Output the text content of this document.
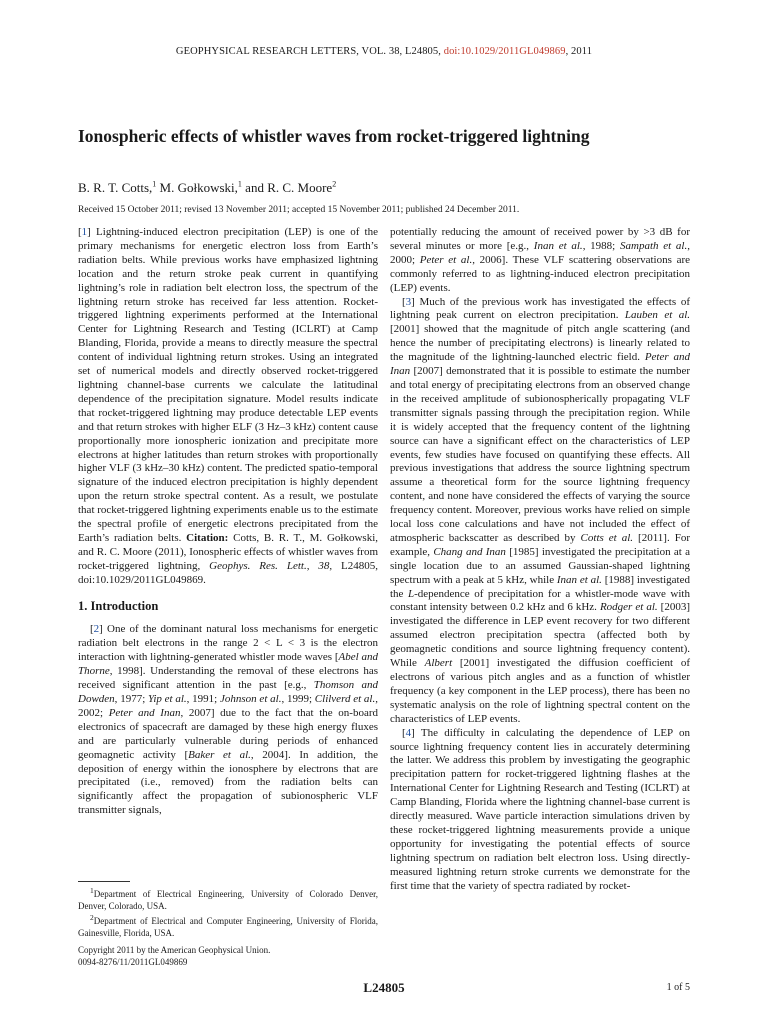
GEOPHYSICAL RESEARCH LETTERS, VOL. 38, L24805, doi:10.1029/2011GL049869, 2011
Ionospheric effects of whistler waves from rocket-triggered lightning
B. R. T. Cotts,$^1$ M. Gołkowski,$^1$ and R. C. Moore$^2$
Received 15 October 2011; revised 13 November 2011; accepted 15 November 2011; published 24 December 2011.

[1] Lightning-induced electron precipitation (LEP) is one of the primary mechanisms for energetic electron loss from Earth’s radiation belts. While previous works have emphasized lightning location and the return stroke peak current in quantifying lightning’s role in radiation belt electron loss, the spectrum of the lightning return stroke has received far less attention. Rocket-triggered lightning experiments performed at the International Center for Lightning Research and Testing (ICLRT) at Camp Blanding, Florida, provide a means to directly measure the spectral content of individual lightning return strokes. Using an integrated set of numerical models and directly observed rocket-triggered lightning channel-base currents we calculate the latitudinal dependence of the precipitation signature. Model results indicate that rocket-triggered lightning may produce detectable LEP events and that return strokes with higher ELF (3 Hz–3 kHz) content cause proportionally more ionospheric ionization and precipitate more electrons at higher latitudes than return strokes with proportionally higher VLF (3 kHz–30 kHz) content. The predicted spatio-temporal signature of the induced electron precipitation is highly dependent upon the return stroke spectral content. As a result, we postulate that rocket-triggered lightning experiments enable us to the estimate the spectral profile of energetic electrons precipitated from the Earth’s radiation belts. Citation: Cotts, B. R. T., M. Gołkowski, and R. C. Moore (2011), Ionospheric effects of whistler waves from rocket-triggered lightning, Geophys. Res. Lett., 38, L24805, doi:10.1029/2011GL049869.

1. Introduction

[2] One of the dominant natural loss mechanisms for energetic radiation belt electrons in the range 2 < L < 3 is the electron interaction with lightning-generated whistler mode waves [Abel and Thorne, 1998]. Understanding the removal of these electrons has received significant attention in the past [e.g., Thomson and Dowden, 1977; Yip et al., 1991; Johnson et al., 1999; Clilverd et al., 2002; Peter and Inan, 2007] due to the fact that the on-board electronics of spacecraft are damaged by these high energy fluxes and are particularly vulnerable during periods of enhanced geomagnetic activity [Baker et al., 2004]. In addition, the deposition of energy within the ionosphere by electrons that are precipitated (i.e., removed) from the radiation belts can significantly affect the propagation of subionospheric VLF transmitter signals,

$^1$Department of Electrical Engineering, University of Colorado Denver, Denver, Colorado, USA.

$^2$Department of Electrical and Computer Engineering, University of Florida, Gainesville, Florida, USA.

Copyright 2011 by the American Geophysical Union.
0094-8276/11/2011GL049869

potentially reducing the amount of received power by >3 dB for several minutes or more [e.g., Inan et al., 1988; Sampath et al., 2000; Peter et al., 2006]. These VLF scattering observations are commonly referred to as lightning-induced electron precipitation (LEP) events.

[3] Much of the previous work has investigated the effects of lightning peak current on electron precipitation. Lauben et al. [2001] showed that the magnitude of pitch angle scattering (and hence the number of precipitating electrons) is linearly related to the magnitude of the lightning-launched electric field. Peter and Inan [2007] demonstrated that it is possible to estimate the number and total energy of precipitating electrons from an observed change in the received amplitude of subionospherically propagating VLF transmitter signals passing through the precipitation region. While it is widely accepted that the frequency content of the lightning source can have a significant effect on the characteristics of LEP events, few studies have focused on quantifying these effects. All previous investigations that address the source lightning spectrum assume a theoretical form for the source lightning frequency content, and none have considered the effects of varying the source frequency content. Moreover, previous works have relied on simple local loss cone calculations and have not included the effect of atmospheric backscatter as described by Cotts et al. [2011]. For example, Chang and Inan [1985] investigated the precipitation at a single location due to an assumed Gaussian-shaped lightning spectrum with a peak at 5 kHz, while Inan et al. [1988] investigated the L-dependence of precipitation for a whistler-mode wave with constant intensity between 0.2 kHz and 6 kHz. Rodger et al. [2003] investigated the difference in LEP event recovery for two different assumed electron precipitation spectra (affected both by geomagnetic conditions and source lightning frequency content). While Albert [2001] investigated the diffusion coefficient of electrons of various pitch angles and as a function of whistler frequency (a key component in the LEP process), there has been no systematic analysis on the role of lightning spectral content on the characteristics of LEP events.

[4] The difficulty in calculating the dependence of LEP on source lightning frequency content lies in accurately determining the latter. We address this problem by investigating the geographic precipitation pattern for rocket-triggered lightning flashes at the International Center for Lightning Research and Testing (ICLRT) at Camp Blanding, Florida where the lightning channel-base current is directly measured. Wave particle interaction simulations driven by these rocket-triggered lightning measurements provide a unique opportunity for investigating the potential effects of source lightning spectrum on radiation belt electron loss. Using directly-measured lightning return stroke currents we demonstrate for the first time that the variety of spectra radiated by rocket-

L24805	1 of 5
